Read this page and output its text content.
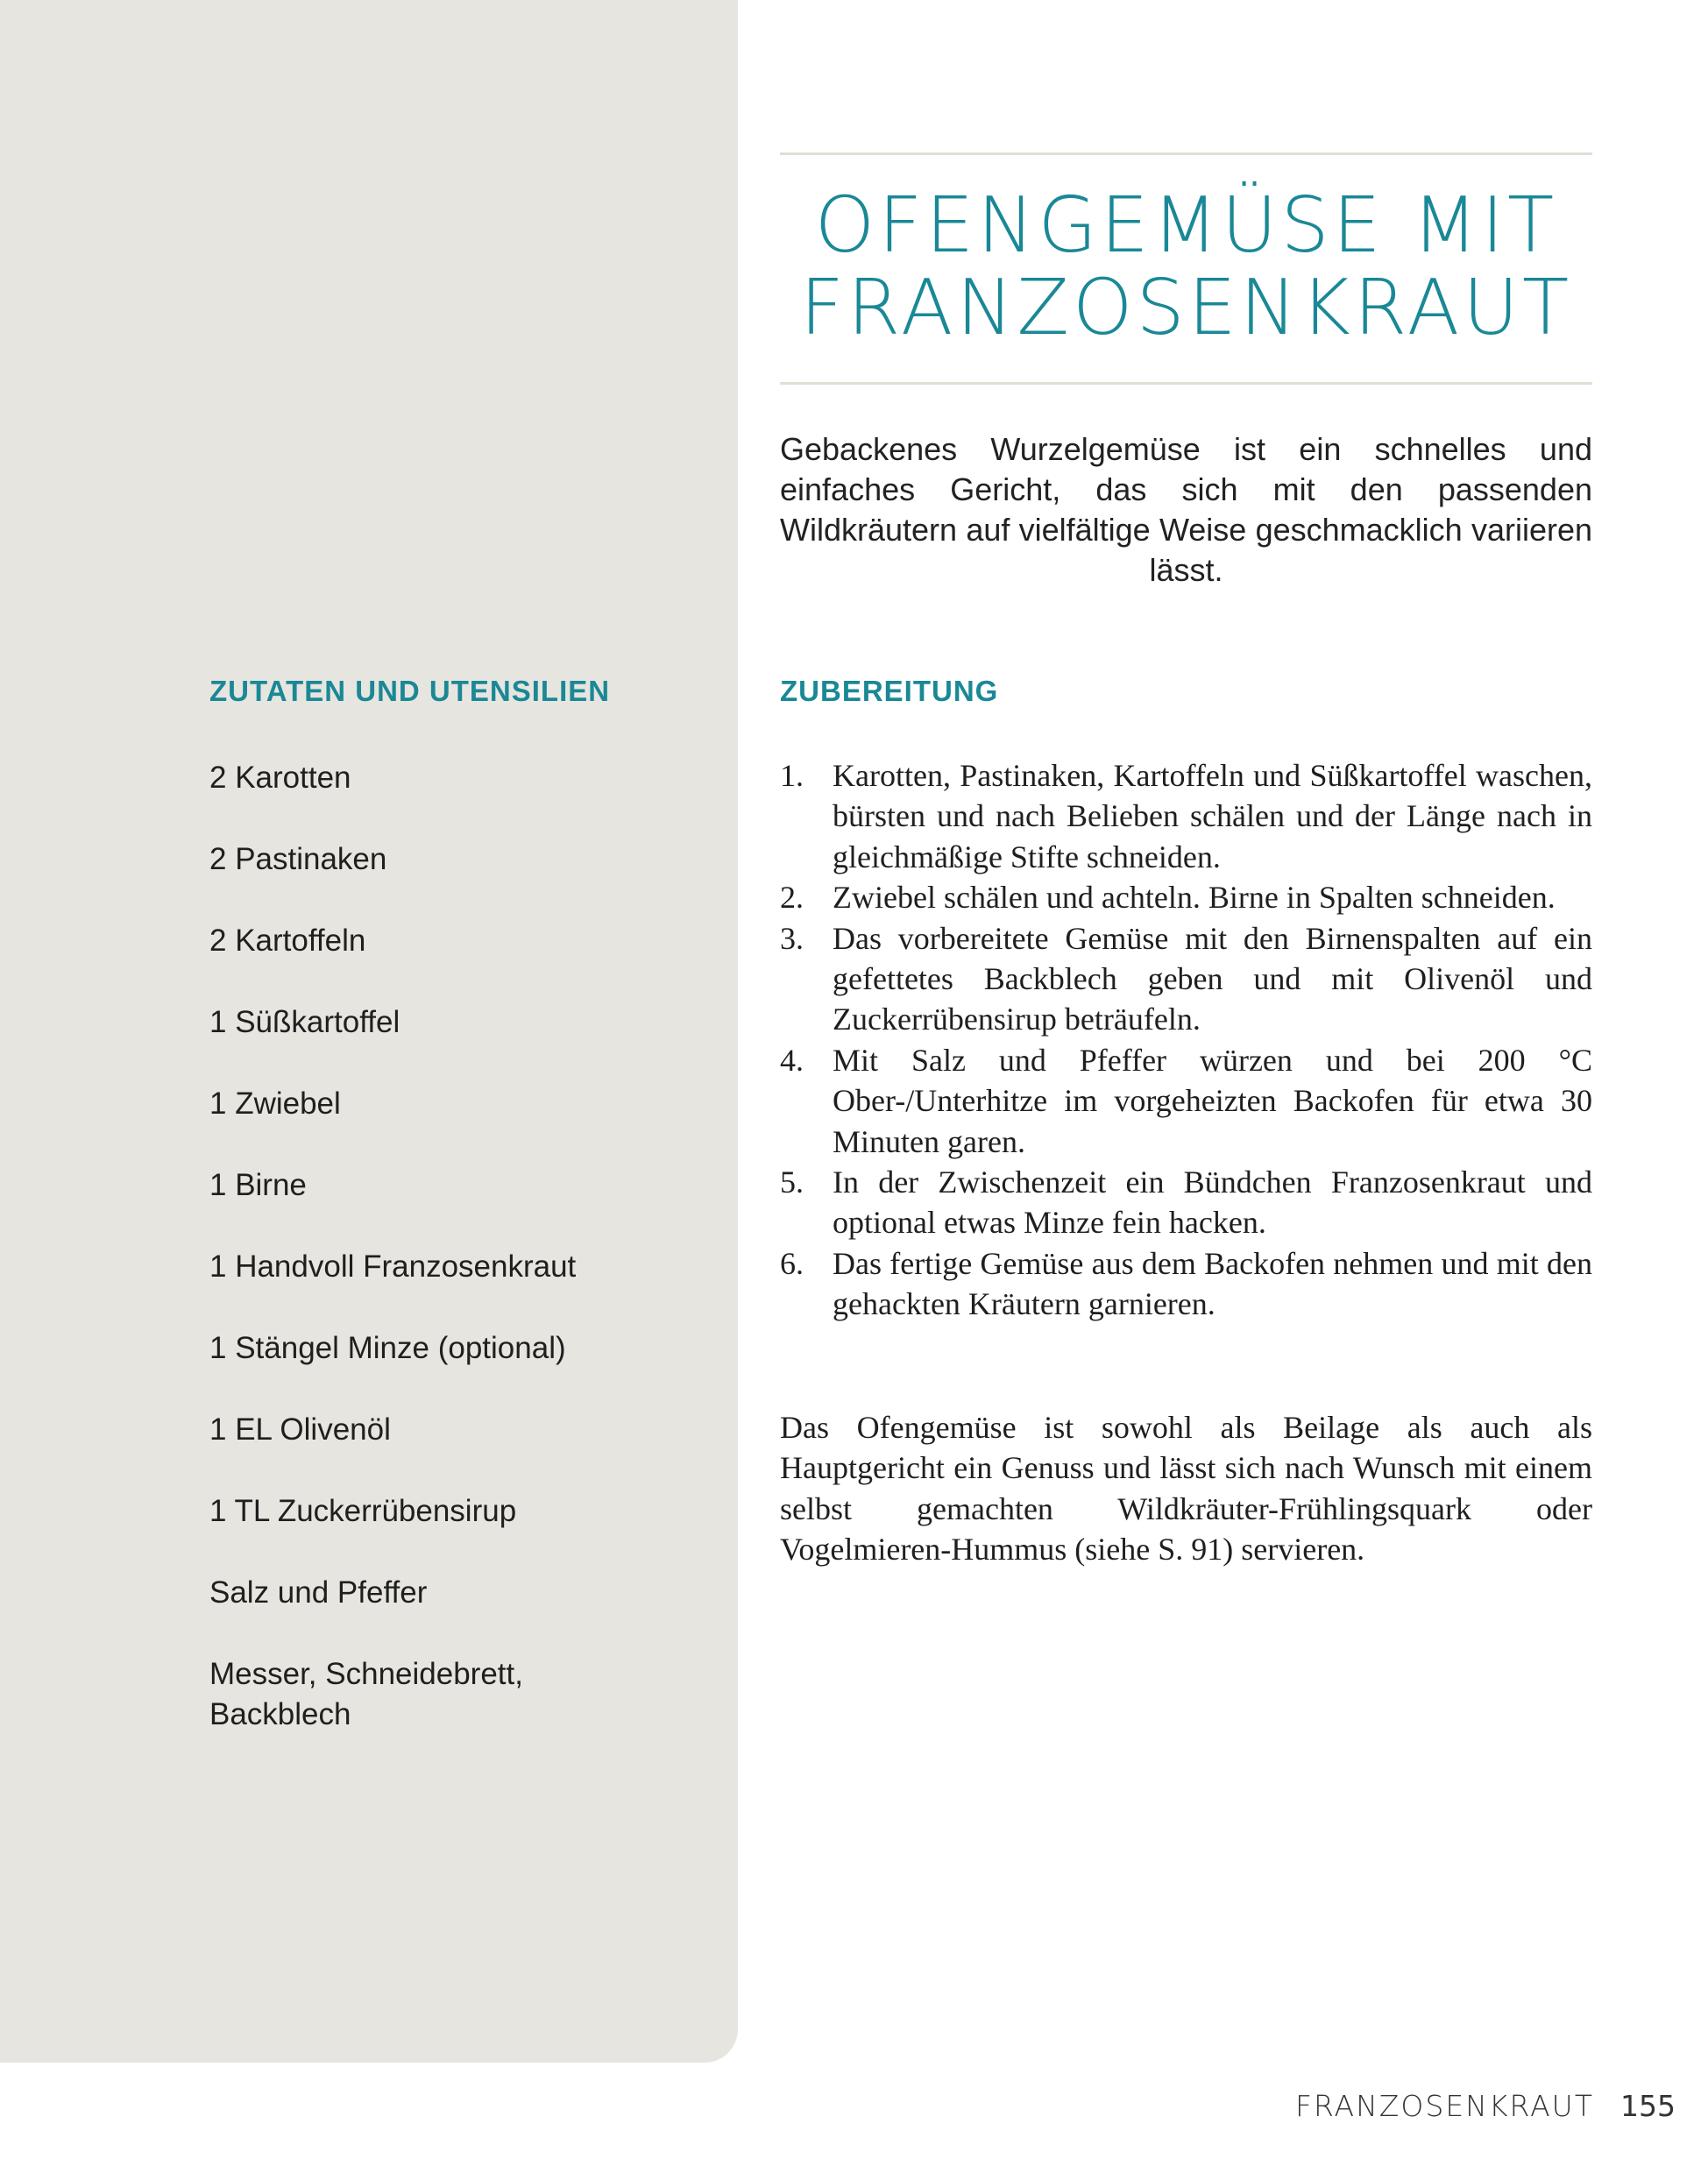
OFENGEMÜSE MIT
FRANZOSENKRAUT

Gebackenes Wurzelgemüse ist ein schnelles und einfaches Gericht, das sich mit den passenden Wildkräutern auf vielfältige Weise geschmacklich variieren lässt.

ZUTATEN UND UTENSILIEN
2 Karotten
2 Pastinaken
2 Kartoffeln
1 Süßkartoffel
1 Zwiebel
1 Birne
1 Handvoll Franzosenkraut
1 Stängel Minze (optional)
1 EL Olivenöl
1 TL Zuckerrübensirup
Salz und Pfeffer
Messer, Schneidebrett, Backblech
ZUBEREITUNG
1. Karotten, Pastinaken, Kartoffeln und Süßkartoffel waschen, bürsten und nach Belieben schälen und der Länge nach in gleichmäßige Stifte schneiden.
2. Zwiebel schälen und achteln. Birne in Spalten schneiden.
3. Das vorbereitete Gemüse mit den Birnenspalten auf ein gefettetes Backblech geben und mit Olivenöl und Zuckerrübensirup beträufeln.
4. Mit Salz und Pfeffer würzen und bei 200 °C Ober-/Unterhitze im vorgeheizten Backofen für etwa 30 Minuten garen.
5. In der Zwischenzeit ein Bündchen Franzosenkraut und optional etwas Minze fein hacken.
6. Das fertige Gemüse aus dem Backofen nehmen und mit den gehackten Kräutern garnieren.

Das Ofengemüse ist sowohl als Beilage als auch als Hauptgericht ein Genuss und lässt sich nach Wunsch mit einem selbst gemachten Wildkräuter-Frühlingsquark oder Vogelmieren-Hummus (siehe S. 91) servieren.

FRANZOSENKRAUT 155
